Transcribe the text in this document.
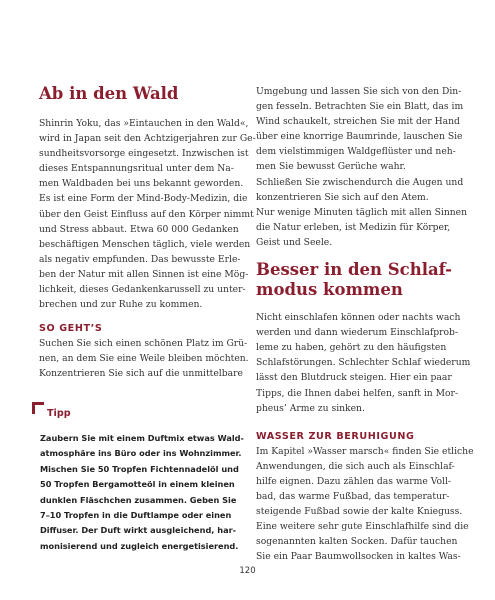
Ab in den Wald
Shinrin Yoku, das »Eintauchen in den Wald«,
wird in Japan seit den Achtzigerjahren zur Ge-
sundheitsvorsorge eingesetzt. Inzwischen ist
dieses Entspannungsritual unter dem Na-
men Waldbaden bei uns bekannt geworden.
Es ist eine Form der Mind-Body-Medizin, die
über den Geist Einfluss auf den Körper nimmt
und Stress abbaut. Etwa 60 000 Gedanken
beschäftigen Menschen täglich, viele werden
als negativ empfunden. Das bewusste Erle-
ben der Natur mit allen Sinnen ist eine Mög-
lichkeit, dieses Gedankenkarussell zu unter-
brechen und zur Ruhe zu kommen.
SO GEHT’S
Suchen Sie sich einen schönen Platz im Grü-
nen, an dem Sie eine Weile bleiben möchten.
Konzentrieren Sie sich auf die unmittelbare
Tipp
Zaubern Sie mit einem Duftmix etwas Wald-
atmosphäre ins Büro oder ins Wohnzimmer.
Mischen Sie 50 Tropfen Fichtennadelöl und
50 Tropfen Bergamotteöl in einem kleinen
dunklen Fläschchen zusammen. Geben Sie
7–10 Tropfen in die Duftlampe oder einen
Diffuser. Der Duft wirkt ausgleichend, har-
monisierend und zugleich energetisierend.
Umgebung und lassen Sie sich von den Din-
gen fesseln. Betrachten Sie ein Blatt, das im
Wind schaukelt, streichen Sie mit der Hand
über eine knorrige Baumrinde, lauschen Sie
dem vielstimmigen Waldgeflüster und neh-
men Sie bewusst Gerüche wahr.
Schließen Sie zwischendurch die Augen und
konzentrieren Sie sich auf den Atem.
Nur wenige Minuten täglich mit allen Sinnen
die Natur erleben, ist Medizin für Körper,
Geist und Seele.
Besser in den Schlaf-
modus kommen
Nicht einschlafen können oder nachts wach
werden und dann wiederum Einschlafprob-
leme zu haben, gehört zu den häufigsten
Schlafstörungen. Schlechter Schlaf wiederum
lässt den Blutdruck steigen. Hier ein paar
Tipps, die Ihnen dabei helfen, sanft in Mor-
pheus’ Arme zu sinken.
WASSER ZUR BERUHIGUNG
Im Kapitel »Wasser marsch« finden Sie etliche
Anwendungen, die sich auch als Einschlaf-
hilfe eignen. Dazu zählen das warme Voll-
bad, das warme Fußbad, das temperatur-
steigende Fußbad sowie der kalte Knieguss.
Eine weitere sehr gute Einschlafhilfe sind die
sogenannten kalten Socken. Dafür tauchen
Sie ein Paar Baumwollsocken in kaltes Was-
120
